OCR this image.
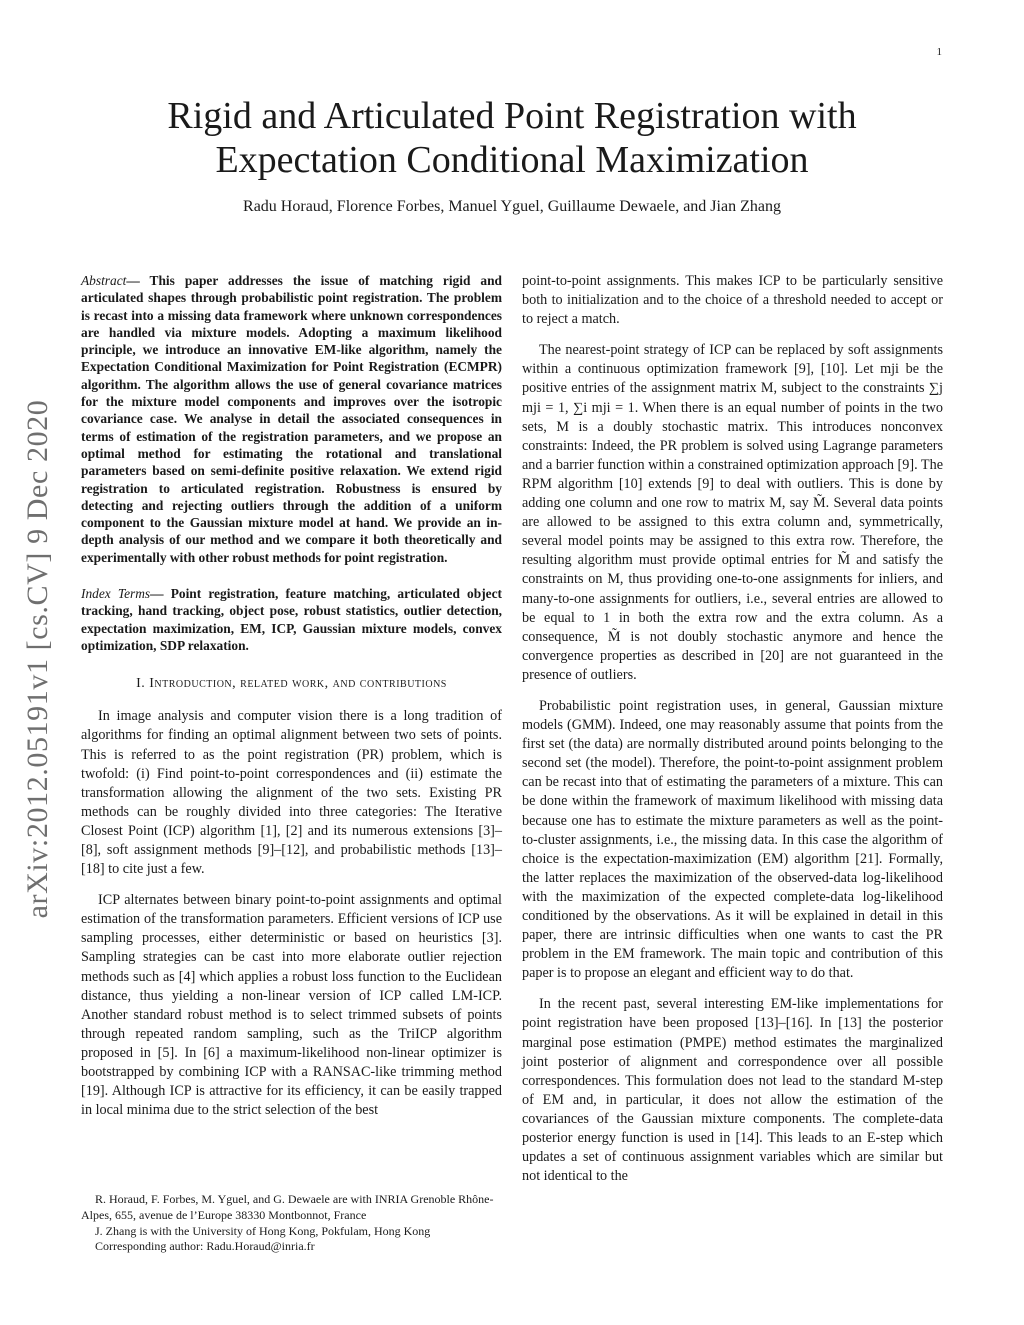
1
arXiv:2012.05191v1 [cs.CV] 9 Dec 2020
Rigid and Articulated Point Registration with Expectation Conditional Maximization
Radu Horaud, Florence Forbes, Manuel Yguel, Guillaume Dewaele, and Jian Zhang

Abstract— This paper addresses the issue of matching rigid and articulated shapes through probabilistic point registration. The problem is recast into a missing data framework where unknown correspondences are handled via mixture models. Adopting a maximum likelihood principle, we introduce an innovative EM-like algorithm, namely the Expectation Conditional Maximization for Point Registration (ECMPR) algorithm. The algorithm allows the use of general covariance matrices for the mixture model components and improves over the isotropic covariance case. We analyse in detail the associated consequences in terms of estimation of the registration parameters, and we propose an optimal method for estimating the rotational and translational parameters based on semi-definite positive relaxation. We extend rigid registration to articulated registration. Robustness is ensured by detecting and rejecting outliers through the addition of a uniform component to the Gaussian mixture model at hand. We provide an in-depth analysis of our method and we compare it both theoretically and experimentally with other robust methods for point registration.

Index Terms— Point registration, feature matching, articulated object tracking, hand tracking, object pose, robust statistics, outlier detection, expectation maximization, EM, ICP, Gaussian mixture models, convex optimization, SDP relaxation.

I. Introduction, related work, and contributions

In image analysis and computer vision there is a long tradition of algorithms for finding an optimal alignment between two sets of points. This is referred to as the point registration (PR) problem, which is twofold: (i) Find point-to-point correspondences and (ii) estimate the transformation allowing the alignment of the two sets. Existing PR methods can be roughly divided into three categories: The Iterative Closest Point (ICP) algorithm [1], [2] and its numerous extensions [3]–[8], soft assignment methods [9]–[12], and probabilistic methods [13]–[18] to cite just a few.

ICP alternates between binary point-to-point assignments and optimal estimation of the transformation parameters. Efficient versions of ICP use sampling processes, either deterministic or based on heuristics [3]. Sampling strategies can be cast into more elaborate outlier rejection methods such as [4] which applies a robust loss function to the Euclidean distance, thus yielding a non-linear version of ICP called LM-ICP. Another standard robust method is to select trimmed subsets of points through repeated random sampling, such as the TriICP algorithm proposed in [5]. In [6] a maximum-likelihood non-linear optimizer is bootstrapped by combining ICP with a RANSAC-like trimming method [19]. Although ICP is attractive for its efficiency, it can be easily trapped in local minima due to the strict selection of the best

R. Horaud, F. Forbes, M. Yguel, and G. Dewaele are with INRIA Grenoble Rhône-Alpes, 655, avenue de l’Europe 38330 Montbonnot, France

J. Zhang is with the University of Hong Kong, Pokfulam, Hong Kong

Corresponding author: Radu.Horaud@inria.fr

point-to-point assignments. This makes ICP to be particularly sensitive both to initialization and to the choice of a threshold needed to accept or to reject a match.

The nearest-point strategy of ICP can be replaced by soft assignments within a continuous optimization framework [9], [10]. Let mji be the positive entries of the assignment matrix M, subject to the constraints ∑j mji = 1, ∑i mji = 1. When there is an equal number of points in the two sets, M is a doubly stochastic matrix. This introduces nonconvex constraints: Indeed, the PR problem is solved using Lagrange parameters and a barrier function within a constrained optimization approach [9]. The RPM algorithm [10] extends [9] to deal with outliers. This is done by adding one column and one row to matrix M, say M̃. Several data points are allowed to be assigned to this extra column and, symmetrically, several model points may be assigned to this extra row. Therefore, the resulting algorithm must provide optimal entries for M̃ and satisfy the constraints on M, thus providing one-to-one assignments for inliers, and many-to-one assignments for outliers, i.e., several entries are allowed to be equal to 1 in both the extra row and the extra column. As a consequence, M̃ is not doubly stochastic anymore and hence the convergence properties as described in [20] are not guaranteed in the presence of outliers.

Probabilistic point registration uses, in general, Gaussian mixture models (GMM). Indeed, one may reasonably assume that points from the first set (the data) are normally distributed around points belonging to the second set (the model). Therefore, the point-to-point assignment problem can be recast into that of estimating the parameters of a mixture. This can be done within the framework of maximum likelihood with missing data because one has to estimate the mixture parameters as well as the point-to-cluster assignments, i.e., the missing data. In this case the algorithm of choice is the expectation-maximization (EM) algorithm [21]. Formally, the latter replaces the maximization of the observed-data log-likelihood with the maximization of the expected complete-data log-likelihood conditioned by the observations. As it will be explained in detail in this paper, there are intrinsic difficulties when one wants to cast the PR problem in the EM framework. The main topic and contribution of this paper is to propose an elegant and efficient way to do that.

In the recent past, several interesting EM-like implementations for point registration have been proposed [13]–[16]. In [13] the posterior marginal pose estimation (PMPE) method estimates the marginalized joint posterior of alignment and correspondence over all possible correspondences. This formulation does not lead to the standard M-step of EM and, in particular, it does not allow the estimation of the covariances of the Gaussian mixture components. The complete-data posterior energy function is used in [14]. This leads to an E-step which updates a set of continuous assignment variables which are similar but not identical to the
